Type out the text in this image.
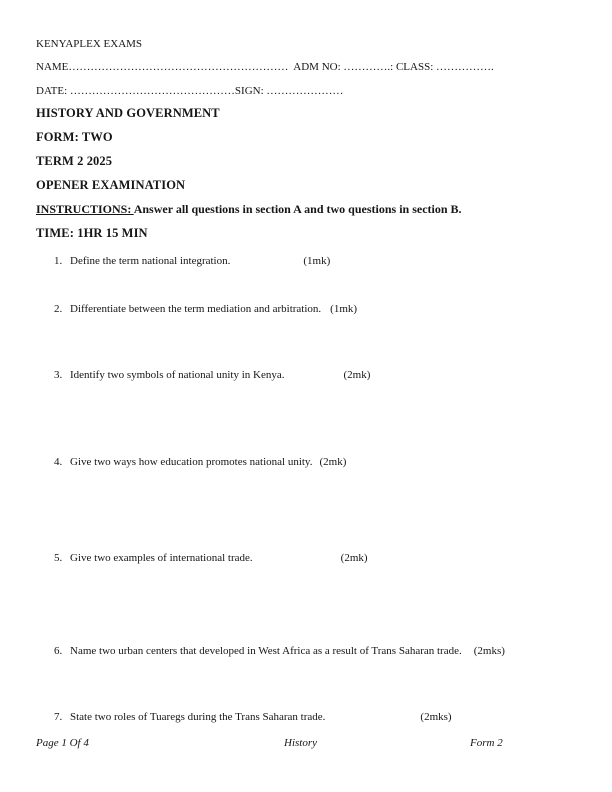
KENYAPLEX EXAMS
NAME……………………………………………………  ADM NO: ………….: CLASS: …………….
DATE: ………………………………………SIGN: …………………
HISTORY AND GOVERNMENT
FORM: TWO
TERM 2 2025
OPENER EXAMINATION
INSTRUCTIONS: Answer all questions in section A and two questions in section B.
TIME: 1HR 15 MIN
1. Define the term national integration.	(1mk)
2. Differentiate between the term mediation and arbitration. (1mk)
3. Identify two symbols of national unity in Kenya.	(2mk)
4. Give two ways how education promotes national unity. (2mk)
5. Give two examples of international trade.	(2mk)
6. Name two urban centers that developed in West Africa as a result of Trans Saharan trade. (2mks)
7. State two roles of Tuaregs during the Trans Saharan trade.	(2mks)
Page 1 Of 4	History	Form 2
